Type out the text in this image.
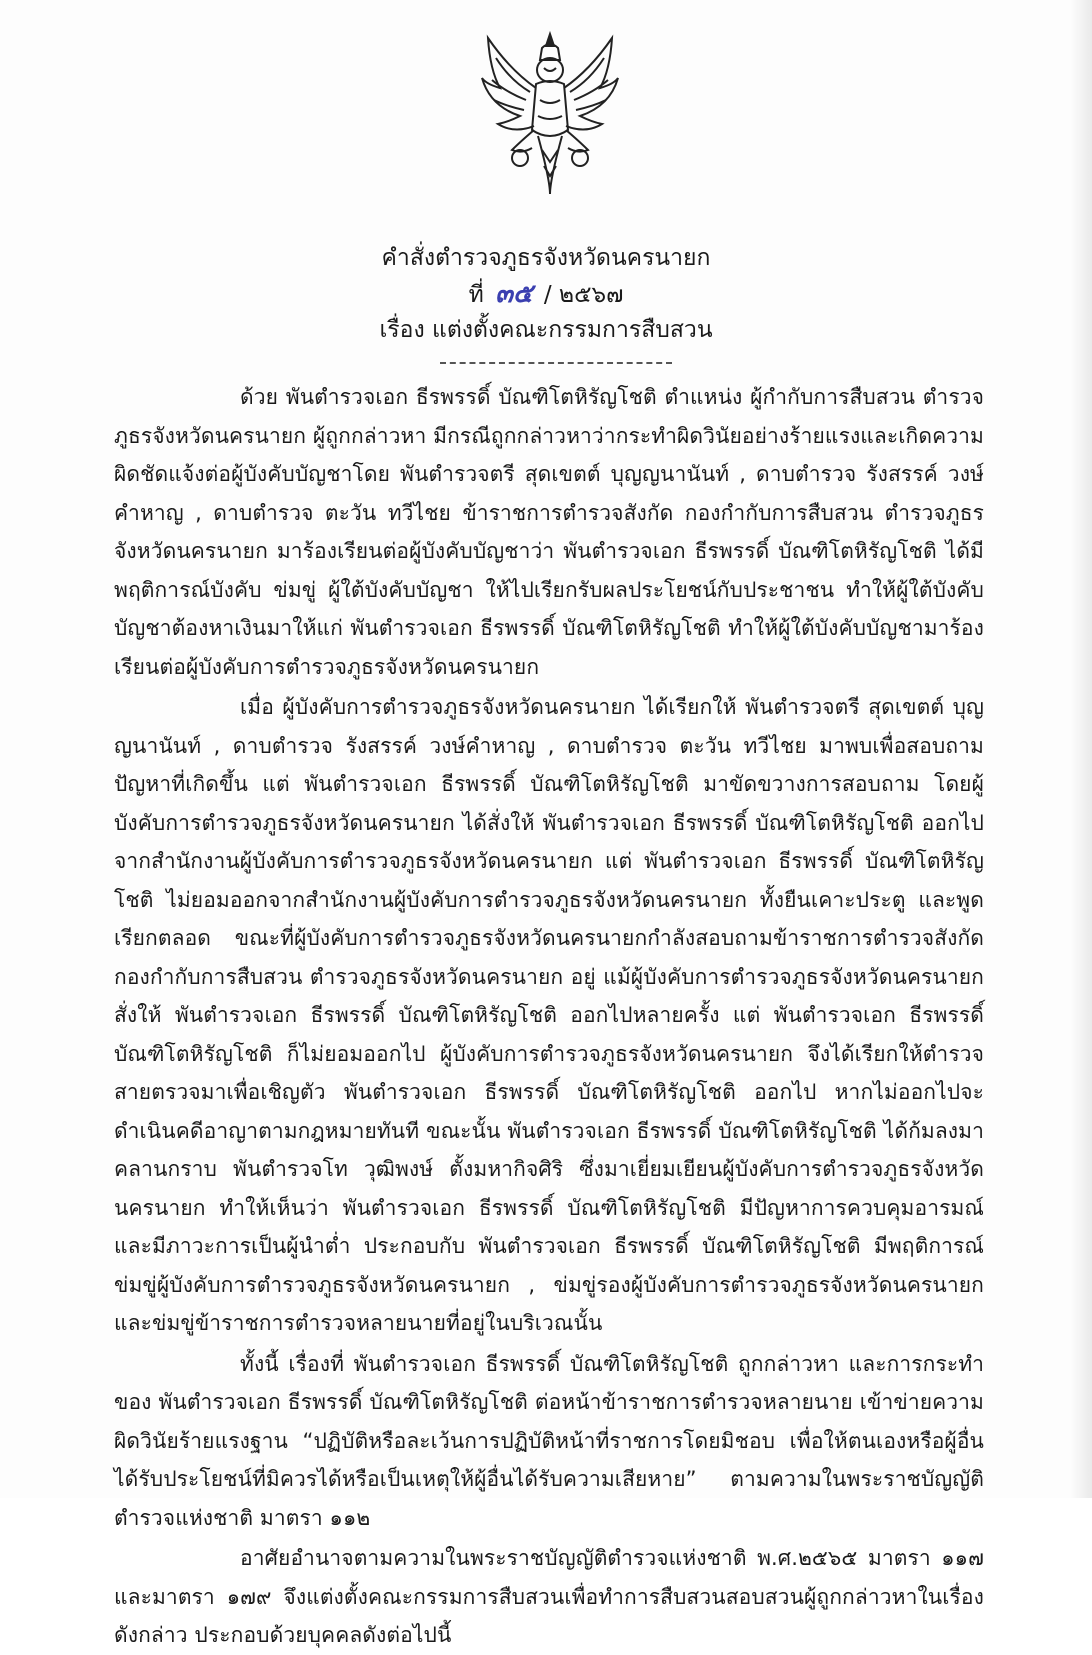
คำสั่งตำรวจภูธรจังหวัดนครนายก
ที่ ๓๕ / ๒๕๖๗
เรื่อง แต่งตั้งคณะกรรมการสืบสวน

ด้วย พันตำรวจเอก ธีรพรรดิ์ บัณฑิโตหิรัญโชติ ตำแหน่ง ผู้กำกับการสืบสวน ตำรวจภูธรจังหวัดนครนายก ผู้ถูกกล่าวหา มีกรณีถูกกล่าวหาว่ากระทำผิดวินัยอย่างร้ายแรงและเกิดความผิดชัดแจ้งต่อผู้บังคับบัญชาโดย พันตำรวจตรี สุดเขตต์ บุญญนานันท์ , ดาบตำรวจ รังสรรค์ วงษ์คำหาญ , ดาบตำรวจ ตะวัน ทวีไชย ข้าราชการตำรวจสังกัด กองกำกับการสืบสวน ตำรวจภูธรจังหวัดนครนายก มาร้องเรียนต่อผู้บังคับบัญชาว่า พันตำรวจเอก ธีรพรรดิ์ บัณฑิโตหิรัญโชติ ได้มีพฤติการณ์บังคับ ข่มขู่ ผู้ใต้บังคับบัญชา ให้ไปเรียกรับผลประโยชน์กับประชาชน ทำให้ผู้ใต้บังคับบัญชาต้องหาเงินมาให้แก่ พันตำรวจเอก ธีรพรรดิ์ บัณฑิโตหิรัญโชติ ทำให้ผู้ใต้บังคับบัญชามาร้องเรียนต่อผู้บังคับการตำรวจภูธรจังหวัดนครนายก

เมื่อ ผู้บังคับการตำรวจภูธรจังหวัดนครนายก ได้เรียกให้ พันตำรวจตรี สุดเขตต์ บุญญนานันท์ , ดาบตำรวจ รังสรรค์ วงษ์คำหาญ , ดาบตำรวจ ตะวัน ทวีไชย มาพบเพื่อสอบถามปัญหาที่เกิดขึ้น แต่ พันตำรวจเอก ธีรพรรดิ์ บัณฑิโตหิรัญโชติ มาขัดขวางการสอบถาม โดยผู้บังคับการตำรวจภูธรจังหวัดนครนายก ได้สั่งให้ พันตำรวจเอก ธีรพรรดิ์ บัณฑิโตหิรัญโชติ ออกไปจากสำนักงานผู้บังคับการตำรวจภูธรจังหวัดนครนายก แต่ พันตำรวจเอก ธีรพรรดิ์ บัณฑิโตหิรัญโชติ ไม่ยอมออกจากสำนักงานผู้บังคับการตำรวจภูธรจังหวัดนครนายก ทั้งยืนเคาะประตู และพูดเรียกตลอด ขณะที่ผู้บังคับการตำรวจภูธรจังหวัดนครนายกกำลังสอบถามข้าราชการตำรวจสังกัด กองกำกับการสืบสวน ตำรวจภูธรจังหวัดนครนายก อยู่ แม้ผู้บังคับการตำรวจภูธรจังหวัดนครนายก สั่งให้ พันตำรวจเอก ธีรพรรดิ์ บัณฑิโตหิรัญโชติ ออกไปหลายครั้ง แต่ พันตำรวจเอก ธีรพรรดิ์ บัณฑิโตหิรัญโชติ ก็ไม่ยอมออกไป ผู้บังคับการตำรวจภูธรจังหวัดนครนายก จึงได้เรียกให้ตำรวจสายตรวจมาเพื่อเชิญตัว พันตำรวจเอก ธีรพรรดิ์ บัณฑิโตหิรัญโชติ ออกไป หากไม่ออกไปจะดำเนินคดีอาญาตามกฎหมายทันที ขณะนั้น พันตำรวจเอก ธีรพรรดิ์ บัณฑิโตหิรัญโชติ ได้ก้มลงมาคลานกราบ พันตำรวจโท วุฒิพงษ์ ตั้งมหากิจศิริ ซึ่งมาเยี่ยมเยียนผู้บังคับการตำรวจภูธรจังหวัดนครนายก ทำให้เห็นว่า พันตำรวจเอก ธีรพรรดิ์ บัณฑิโตหิรัญโชติ มีปัญหาการควบคุมอารมณ์และมีภาวะการเป็นผู้นำต่ำ ประกอบกับ พันตำรวจเอก ธีรพรรดิ์ บัณฑิโตหิรัญโชติ มีพฤติการณ์ ข่มขู่ผู้บังคับการตำรวจภูธรจังหวัดนครนายก , ข่มขู่รองผู้บังคับการตำรวจภูธรจังหวัดนครนายก และข่มขู่ข้าราชการตำรวจหลายนายที่อยู่ในบริเวณนั้น

ทั้งนี้ เรื่องที่ พันตำรวจเอก ธีรพรรดิ์ บัณฑิโตหิรัญโชติ ถูกกล่าวหา และการกระทำของ พันตำรวจเอก ธีรพรรดิ์ บัณฑิโตหิรัญโชติ ต่อหน้าข้าราชการตำรวจหลายนาย เข้าข่ายความผิดวินัยร้ายแรงฐาน “ปฏิบัติหรือละเว้นการปฏิบัติหน้าที่ราชการโดยมิชอบ เพื่อให้ตนเองหรือผู้อื่นได้รับประโยชน์ที่มิควรได้หรือเป็นเหตุให้ผู้อื่นได้รับความเสียหาย” ตามความในพระราชบัญญัติตำรวจแห่งชาติ มาตรา ๑๑๒

อาศัยอำนาจตามความในพระราชบัญญัติตำรวจแห่งชาติ พ.ศ.๒๕๖๕ มาตรา ๑๑๗ และมาตรา ๑๗๙ จึงแต่งตั้งคณะกรรมการสืบสวนเพื่อทำการสืบสวนสอบสวนผู้ถูกกล่าวหาในเรื่องดังกล่าว ประกอบด้วยบุคคลดังต่อไปนี้
